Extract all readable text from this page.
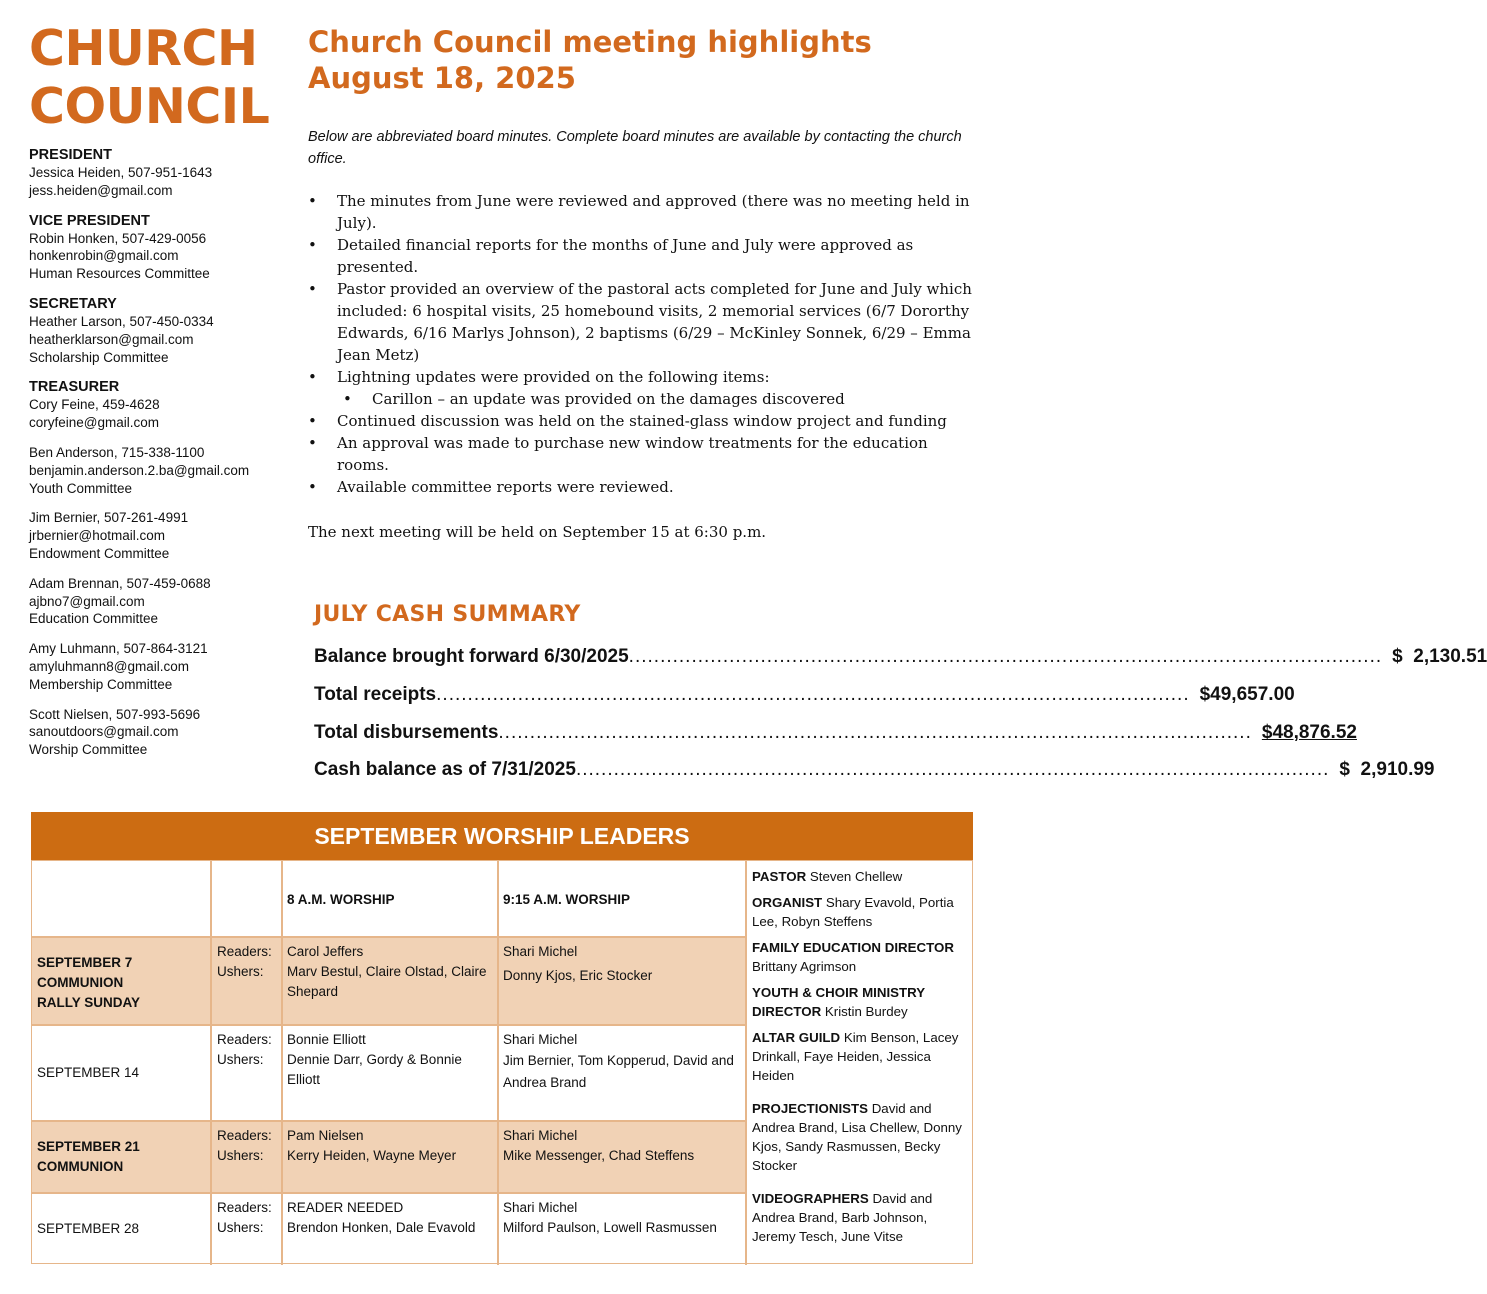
CHURCH
COUNCIL
PRESIDENT
Jessica Heiden, 507-951-1643
jess.heiden@gmail.com
VICE PRESIDENT
Robin Honken, 507-429-0056
honkenrobin@gmail.com
Human Resources Committee
SECRETARY
Heather Larson, 507-450-0334
heatherklarson@gmail.com
Scholarship Committee
TREASURER
Cory Feine, 459-4628
coryfeine@gmail.com
Ben Anderson, 715-338-1100
benjamin.anderson.2.ba@gmail.com
Youth Committee
Jim Bernier, 507-261-4991
jrbernier@hotmail.com
Endowment Committee
Adam Brennan, 507-459-0688
ajbno7@gmail.com
Education Committee
Amy Luhmann, 507-864-3121
amyluhmann8@gmail.com
Membership Committee
Scott Nielsen, 507-993-5696
sanoutdoors@gmail.com
Worship Committee
Church Council meeting highlights
August 18, 2025

Below are abbreviated board minutes. Complete board minutes are available by contacting the church office.

• The minutes from June were reviewed and approved (there was no meeting held in July).
• Detailed financial reports for the months of June and July were approved as presented.
• Pastor provided an overview of the pastoral acts completed for June and July which included: 6 hospital visits, 25 homebound visits, 2 memorial services (6/7 Dororthy Edwards, 6/16 Marlys Johnson), 2 baptisms (6/29 – McKinley Sonnek, 6/29 – Emma Jean Metz)
• Lightning updates were provided on the following items:
• Carillon – an update was provided on the damages discovered
• Continued discussion was held on the stained-glass window project and funding
• An approval was made to purchase new window treatments for the education rooms.
• Available committee reports were reviewed.

The next meeting will be held on September 15 at 6:30 p.m.

JULY CASH SUMMARY
Balance brought forward 6/30/2025 ........................................................................................................................ $  2,130.51
Total receipts ........................................................................................................................ $49,657.00
Total disbursements ........................................................................................................................ $48,876.52
Cash balance as of 7/31/2025 ........................................................................................................................ $  2,910.99
SEPTEMBER WORSHIP LEADERS
8 A.M. WORSHIP	9:15 A.M. WORSHIP
SEPTEMBER 7
COMMUNION
RALLY SUNDAY
Readers:
Ushers:
Carol Jeffers
Marv Bestul, Claire Olstad, Claire Shepard
Shari Michel
Donny Kjos, Eric Stocker
SEPTEMBER 14
Readers:
Ushers:
Bonnie Elliott
Dennie Darr, Gordy & Bonnie Elliott
Shari Michel
Jim Bernier, Tom Kopperud, David and Andrea Brand
SEPTEMBER 21
COMMUNION
Readers:
Ushers:
Pam Nielsen
Kerry Heiden, Wayne Meyer
Shari Michel
Mike Messenger, Chad Steffens
SEPTEMBER 28
Readers:
Ushers:
READER NEEDED
Brendon Honken, Dale Evavold
Shari Michel
Milford Paulson, Lowell Rasmussen
PASTOR Steven Chellew
ORGANIST Shary Evavold, Portia Lee, Robyn Steffens
FAMILY EDUCATION DIRECTOR Brittany Agrimson
YOUTH & CHOIR MINISTRY DIRECTOR Kristin Burdey
ALTAR GUILD Kim Benson, Lacey Drinkall, Faye Heiden, Jessica Heiden
PROJECTIONISTS David and Andrea Brand, Lisa Chellew, Donny Kjos, Sandy Rasmussen, Becky Stocker
VIDEOGRAPHERS David and Andrea Brand, Barb Johnson, Jeremy Tesch, June Vitse
